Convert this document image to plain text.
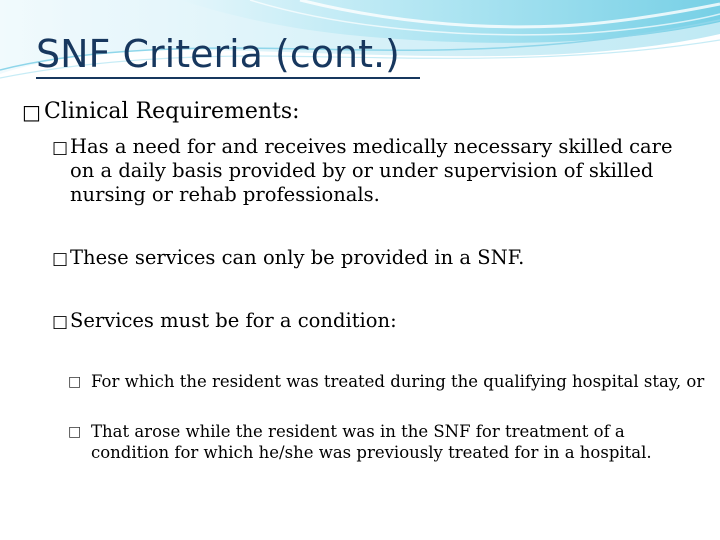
SNF Criteria (cont.)
□ Clinical Requirements:
□ Has a need for and receives medically necessary skilled care on a daily basis provided by or under supervision of skilled nursing or rehab professionals.
□ These services can only be provided in a SNF.
□ Services must be for a condition:
□ For which the resident was treated during the qualifying hospital stay, or
□ That arose while the resident was in the SNF for treatment of a condition for which he/she was previously treated for in a hospital.
